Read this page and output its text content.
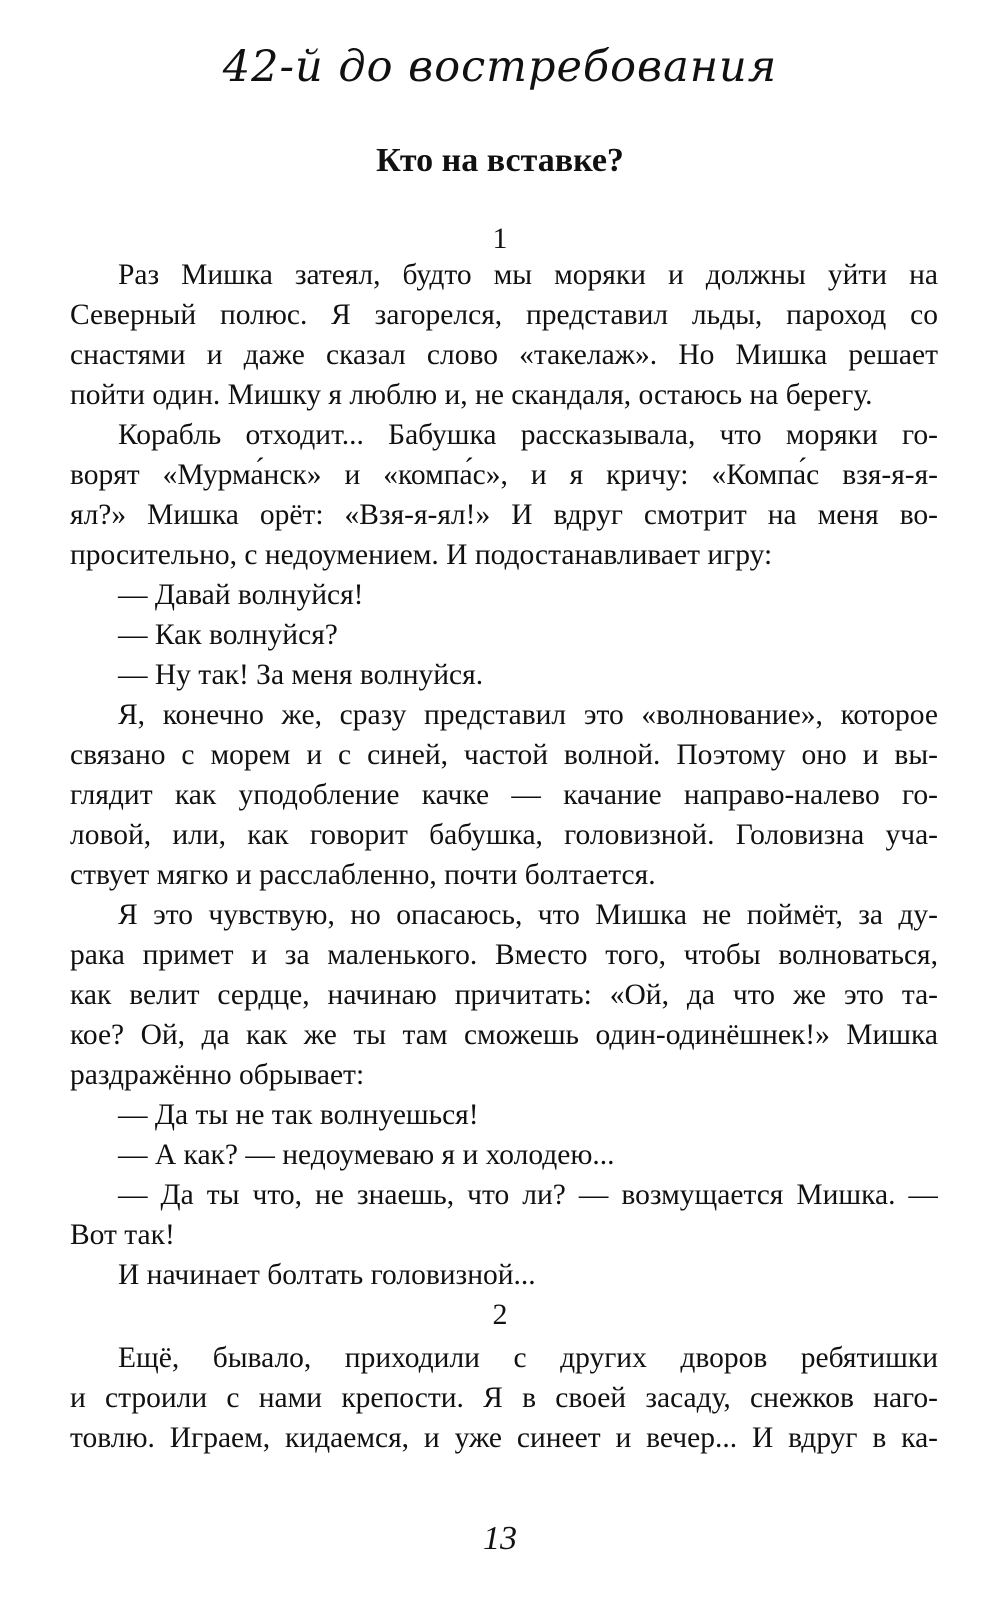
42-й до востребования
Кто на вставке?
1
Раз Мишка затеял, будто мы моряки и должны уйти на
Северный полюс. Я загорелся, представил льды, пароход со
снастями и даже сказал слово «такелаж». Но Мишка решает
пойти один. Мишку я люблю и, не скандаля, остаюсь на берегу.
Корабль отходит... Бабушка рассказывала, что моряки го-
ворят «Мурма́нск» и «компа́с», и я кричу: «Компа́с взя-я-я-
ял?» Мишка орёт: «Взя-я-ял!» И вдруг смотрит на меня во-
просительно, с недоумением. И подостанавливает игру:
— Давай волнуйся!
— Как волнуйся?
— Ну так! За меня волнуйся.
Я, конечно же, сразу представил это «волнование», которое
связано с морем и с синей, частой волной. Поэтому оно и вы-
глядит как уподобление качке — качание направо-налево го-
ловой, или, как говорит бабушка, головизной. Головизна уча-
ствует мягко и расслабленно, почти болтается.
Я это чувствую, но опасаюсь, что Мишка не поймёт, за ду-
рака примет и за маленького. Вместо того, чтобы волноваться,
как велит сердце, начинаю причитать: «Ой, да что же это та-
кое? Ой, да как же ты там сможешь один-одинёшнек!» Мишка
раздражённо обрывает:
— Да ты не так волнуешься!
— А как? — недоумеваю я и холодею...
— Да ты что, не знаешь, что ли? — возмущается Мишка. —
Вот так!
И начинает болтать головизной...
2
Ещё, бывало, приходили с других дворов ребятишки
и строили с нами крепости. Я в своей засаду, снежков наго-
товлю. Играем, кидаемся, и уже синеет и вечер... И вдруг в ка-
13
